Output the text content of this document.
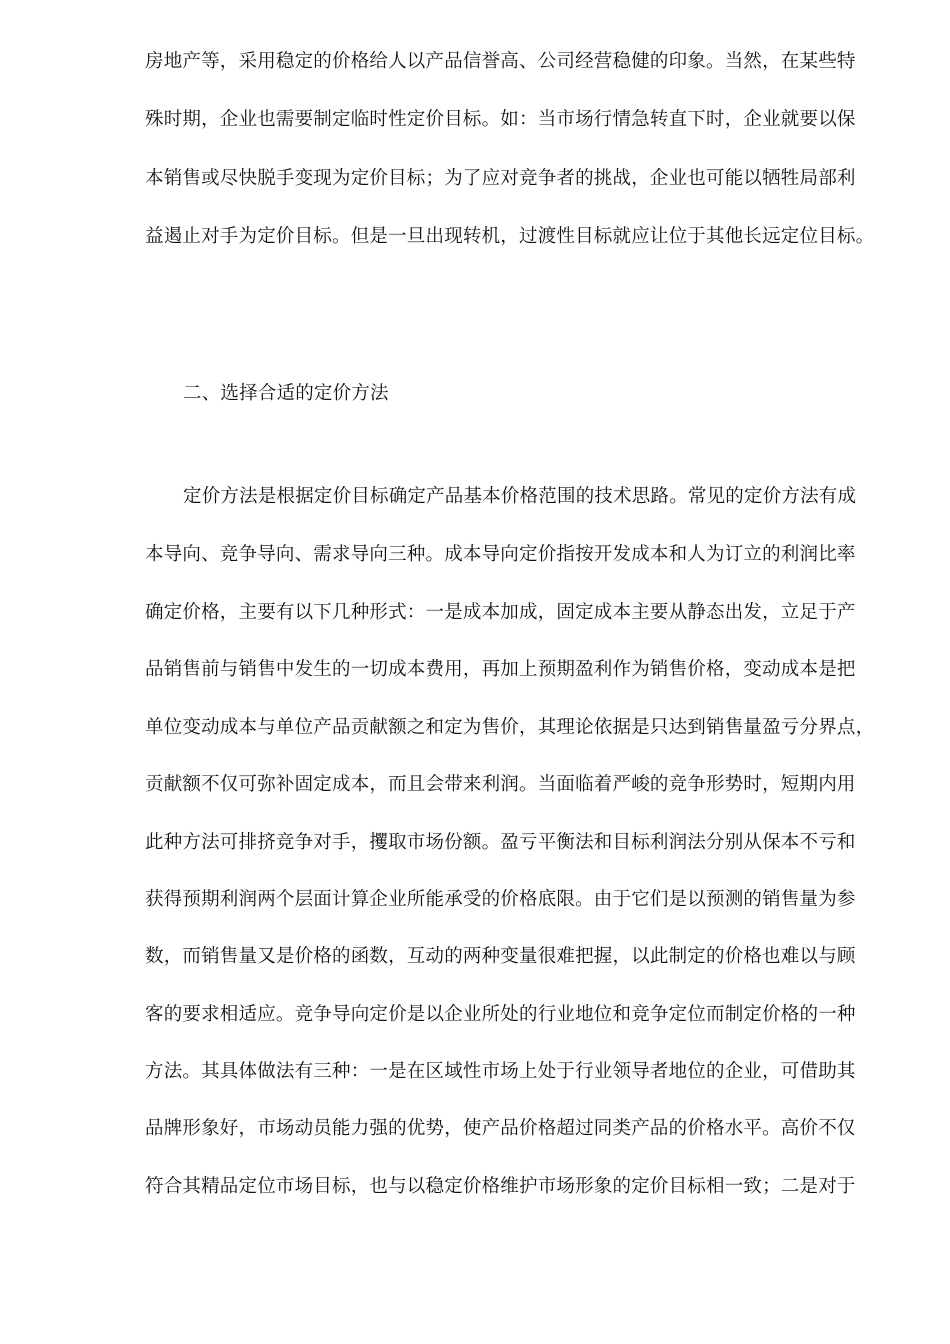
房地产等，采用稳定的价格给人以产品信誉高、公司经营稳健的印象。当然，在某些特
殊时期，企业也需要制定临时性定价目标。如：当市场行情急转直下时，企业就要以保
本销售或尽快脱手变现为定价目标；为了应对竞争者的挑战，企业也可能以牺牲局部利
益遏止对手为定价目标。但是一旦出现转机，过渡性目标就应让位于其他长远定位目标。
二、选择合适的定价方法
定价方法是根据定价目标确定产品基本价格范围的技术思路。常见的定价方法有成
本导向、竞争导向、需求导向三种。成本导向定价指按开发成本和人为订立的利润比率
确定价格，主要有以下几种形式：一是成本加成，固定成本主要从静态出发，立足于产
品销售前与销售中发生的一切成本费用，再加上预期盈利作为销售价格，变动成本是把
单位变动成本与单位产品贡献额之和定为售价，其理论依据是只达到销售量盈亏分界点，
贡献额不仅可弥补固定成本，而且会带来利润。当面临着严峻的竞争形势时，短期内用
此种方法可排挤竞争对手，攫取市场份额。盈亏平衡法和目标利润法分别从保本不亏和
获得预期利润两个层面计算企业所能承受的价格底限。由于它们是以预测的销售量为参
数，而销售量又是价格的函数，互动的两种变量很难把握，以此制定的价格也难以与顾
客的要求相适应。竞争导向定价是以企业所处的行业地位和竞争定位而制定价格的一种
方法。其具体做法有三种：一是在区域性市场上处于行业领导者地位的企业，可借助其
品牌形象好，市场动员能力强的优势，使产品价格超过同类产品的价格水平。高价不仅
符合其精品定位市场目标，也与以稳定价格维护市场形象的定价目标相一致；二是对于
